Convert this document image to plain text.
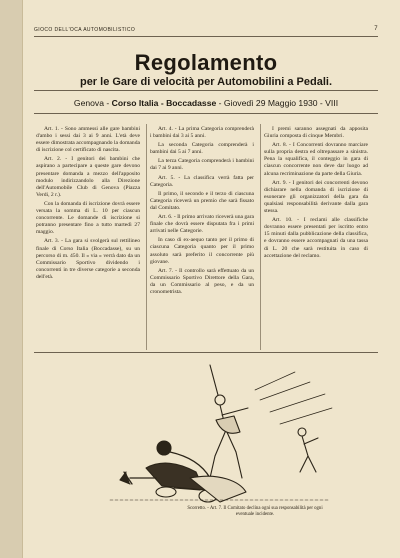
GIOCO DELL'OCA AUTOMOBILISTICO	7
Regolamento
per le Gare di velocità per Automobilini a Pedali.
Genova - Corso Italia - Boccadasse - Giovedì 29 Maggio 1930 - VIII

Art. 1. - Sono ammessi alle gare bambini d'ambo i sessi dai 3 ai 9 anni. L'età deve essere dimostrata accompagnando la domanda di iscrizione col certificato di nascita.

Art. 2. - I genitori dei bambini che aspirano a partecipare a queste gare devono presentare domanda a mezzo dell'apposito modulo indirizzandolo alla Direzione dell'Automobile Club di Genova (Piazza Verdi, 2 r.).

Con la domanda di iscrizione dovrà essere versata la somma di L. 10 per ciascun concorrente. Le domande di iscrizione si potranno presentare fino a tutto martedì 27 maggio.

Art. 3. - La gara si svolgerà sul rettilineo finale di Corso Italia (Boccadasse), su un percorso di m. 450. Il « via » verrà dato da un Commissario Sportivo dividendo i concorrenti in tre diverse categorie a seconda dell'età.

Art. 4. - La prima Categoria comprenderà i bambini dai 3 ai 5 anni.

La seconda Categoria comprenderà i bambini dai 5 ai 7 anni.

La terza Categoria comprenderà i bambini dai 7 ai 9 anni.

Art. 5. - La classifica verrà fatta per Categoria.

Il primo, il secondo e il terzo di ciascuna Categoria riceverà un premio che sarà fissato dal Comitato.

Art. 6. - Il primo arrivato riceverà una gara finale che dovrà essere disputata fra i primi arrivati nelle Categorie.

In caso di ex-aequo tanto per il primo di ciascuna Categoria quanto per il primo assoluto sarà preferito il concorrente più giovane.

Art. 7. - Il controllo sarà effettuato da un Commissario Sportivo Direttore della Gara, da un Commissario al peso, e da un cronometrista.

I premi saranno assegnati da apposita Giuria composta di cinque Membri.

Art. 8. - I Concorrenti dovranno marciare sulla propria destra ed oltrepassare a sinistra. Pena la squalifica, il conteggio in gara di ciascun concorrente non deve dar luogo ad alcuna recriminazione da parte della Giuria.

Art. 9. - I genitori dei concorrenti devono dichiarare nella domanda di iscrizione di esonerare gli organizzatori della gara da qualsiasi responsabilità derivante dalla gara stessa.

Art. 10. - I reclami alle classifiche dovranno essere presentati per iscritto entro 15 minuti dalla pubblicazione della classifica, e dovranno essere accompagnati da una tassa di L. 20 che sarà restituita in caso di accettazione del reclamo.

Scorretto. - Art. 7. Il Comitato declina ogni sua responsabilità per ogni
eventuale incidente.
